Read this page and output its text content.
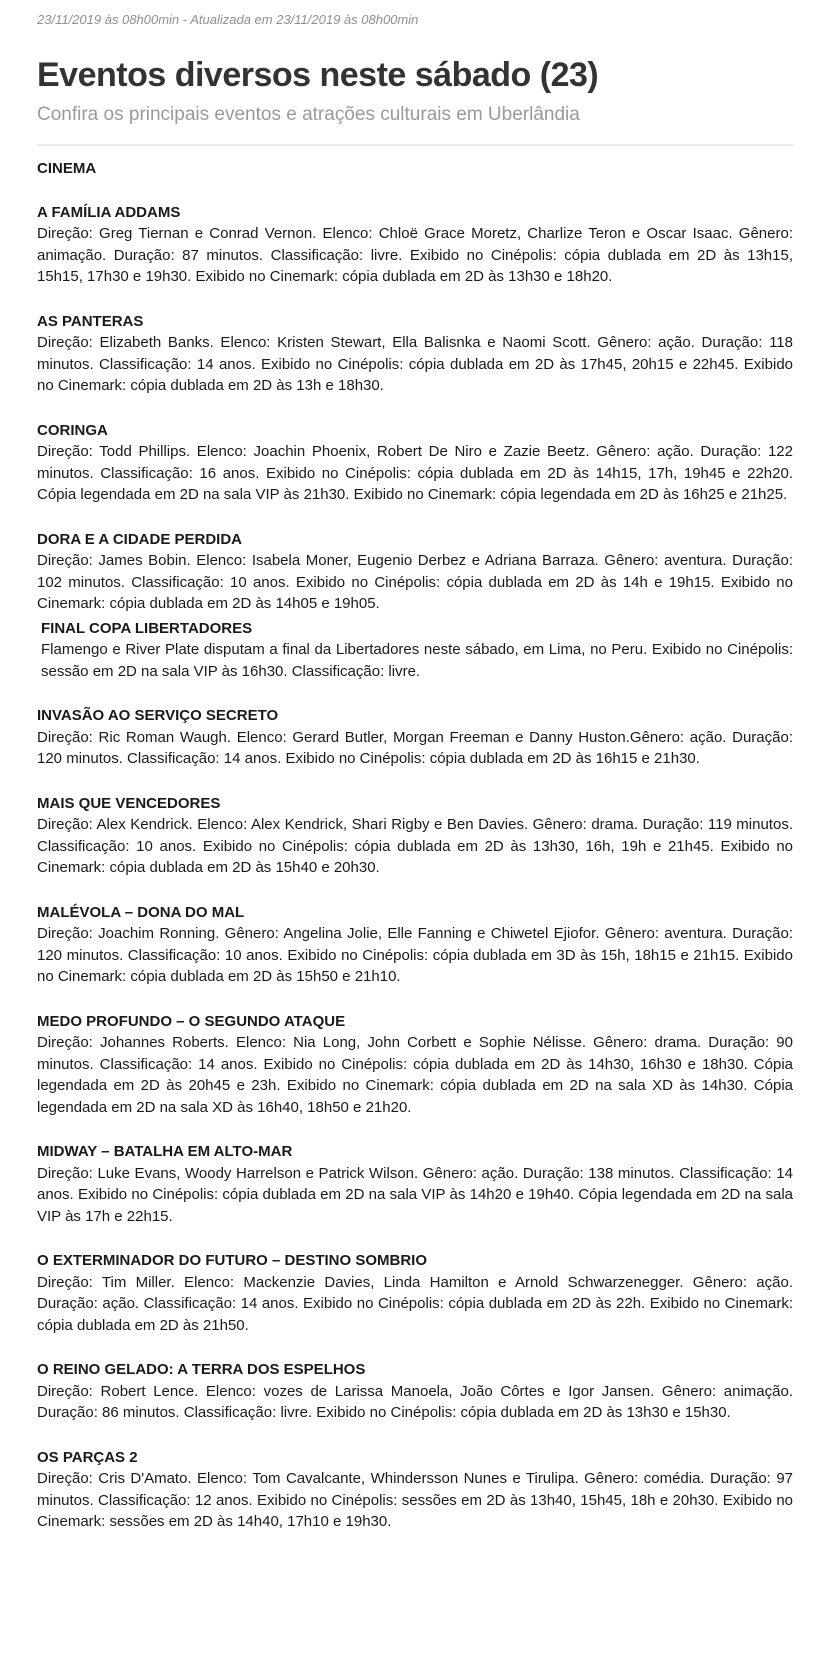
23/11/2019 às 08h00min - Atualizada em 23/11/2019 às 08h00min

Eventos diversos neste sábado (23)

Confira os principais eventos e atrações culturais em Uberlândia

CINEMA

A FAMÍLIA ADDAMS

Direção: Greg Tiernan e Conrad Vernon. Elenco: Chloë Grace Moretz, Charlize Teron e Oscar Isaac. Gênero: animação. Duração: 87 minutos. Classificação: livre. Exibido no Cinépolis: cópia dublada em 2D às 13h15, 15h15, 17h30 e 19h30. Exibido no Cinemark: cópia dublada em 2D às 13h30 e 18h20.

AS PANTERAS

Direção: Elizabeth Banks. Elenco: Kristen Stewart, Ella Balisnka e Naomi Scott. Gênero: ação. Duração: 118 minutos. Classificação: 14 anos. Exibido no Cinépolis: cópia dublada em 2D às 17h45, 20h15 e 22h45. Exibido no Cinemark: cópia dublada em 2D às 13h e 18h30.

CORINGA

Direção: Todd Phillips. Elenco: Joachin Phoenix, Robert De Niro e Zazie Beetz. Gênero: ação. Duração: 122 minutos. Classificação: 16 anos. Exibido no Cinépolis: cópia dublada em 2D às 14h15, 17h, 19h45 e 22h20. Cópia legendada em 2D na sala VIP às 21h30. Exibido no Cinemark: cópia legendada em 2D às 16h25 e 21h25.

DORA E A CIDADE PERDIDA

Direção: James Bobin. Elenco: Isabela Moner, Eugenio Derbez e Adriana Barraza. Gênero: aventura. Duração: 102 minutos. Classificação: 10 anos. Exibido no Cinépolis: cópia dublada em 2D às 14h e 19h15. Exibido no Cinemark: cópia dublada em 2D às 14h05 e 19h05.

FINAL COPA LIBERTADORES

Flamengo e River Plate disputam a final da Libertadores neste sábado, em Lima, no Peru. Exibido no Cinépolis: sessão em 2D na sala VIP às 16h30. Classificação: livre.

INVASÃO AO SERVIÇO SECRETO

Direção: Ric Roman Waugh. Elenco: Gerard Butler, Morgan Freeman e Danny Huston.Gênero: ação. Duração: 120 minutos. Classificação: 14 anos. Exibido no Cinépolis: cópia dublada em 2D às 16h15 e 21h30.

MAIS QUE VENCEDORES

Direção: Alex Kendrick. Elenco: Alex Kendrick, Shari Rigby e Ben Davies. Gênero: drama. Duração: 119 minutos. Classificação: 10 anos. Exibido no Cinépolis: cópia dublada em 2D às 13h30, 16h, 19h e 21h45. Exibido no Cinemark: cópia dublada em 2D às 15h40 e 20h30.

MALÉVOLA – DONA DO MAL

Direção: Joachim Ronning. Gênero: Angelina Jolie, Elle Fanning e Chiwetel Ejiofor. Gênero: aventura. Duração: 120 minutos. Classificação: 10 anos. Exibido no Cinépolis: cópia dublada em 3D às 15h, 18h15 e 21h15. Exibido no Cinemark: cópia dublada em 2D às 15h50 e 21h10.

MEDO PROFUNDO – O SEGUNDO ATAQUE

Direção: Johannes Roberts. Elenco: Nia Long, John Corbett e Sophie Nélisse. Gênero: drama. Duração: 90 minutos. Classificação: 14 anos. Exibido no Cinépolis: cópia dublada em 2D às 14h30, 16h30 e 18h30. Cópia legendada em 2D às 20h45 e 23h. Exibido no Cinemark: cópia dublada em 2D na sala XD às 14h30. Cópia legendada em 2D na sala XD às 16h40, 18h50 e 21h20.

MIDWAY – BATALHA EM ALTO-MAR

Direção: Luke Evans, Woody Harrelson e Patrick Wilson. Gênero: ação. Duração: 138 minutos. Classificação: 14 anos. Exibido no Cinépolis: cópia dublada em 2D na sala VIP às 14h20 e 19h40. Cópia legendada em 2D na sala VIP às 17h e 22h15.

O EXTERMINADOR DO FUTURO – DESTINO SOMBRIO

Direção: Tim Miller. Elenco: Mackenzie Davies, Linda Hamilton e Arnold Schwarzenegger. Gênero: ação. Duração: ação. Classificação: 14 anos. Exibido no Cinépolis: cópia dublada em 2D às 22h. Exibido no Cinemark: cópia dublada em 2D às 21h50.

O REINO GELADO: A TERRA DOS ESPELHOS

Direção: Robert Lence. Elenco: vozes de Larissa Manoela, João Côrtes e Igor Jansen. Gênero: animação. Duração: 86 minutos. Classificação: livre. Exibido no Cinépolis: cópia dublada em 2D às 13h30 e 15h30.

OS PARÇAS 2

Direção: Cris D'Amato. Elenco: Tom Cavalcante, Whindersson Nunes e Tirulipa. Gênero: comédia. Duração: 97 minutos. Classificação: 12 anos. Exibido no Cinépolis: sessões em 2D às 13h40, 15h45, 18h e 20h30. Exibido no Cinemark: sessões em 2D às 14h40, 17h10 e 19h30.
